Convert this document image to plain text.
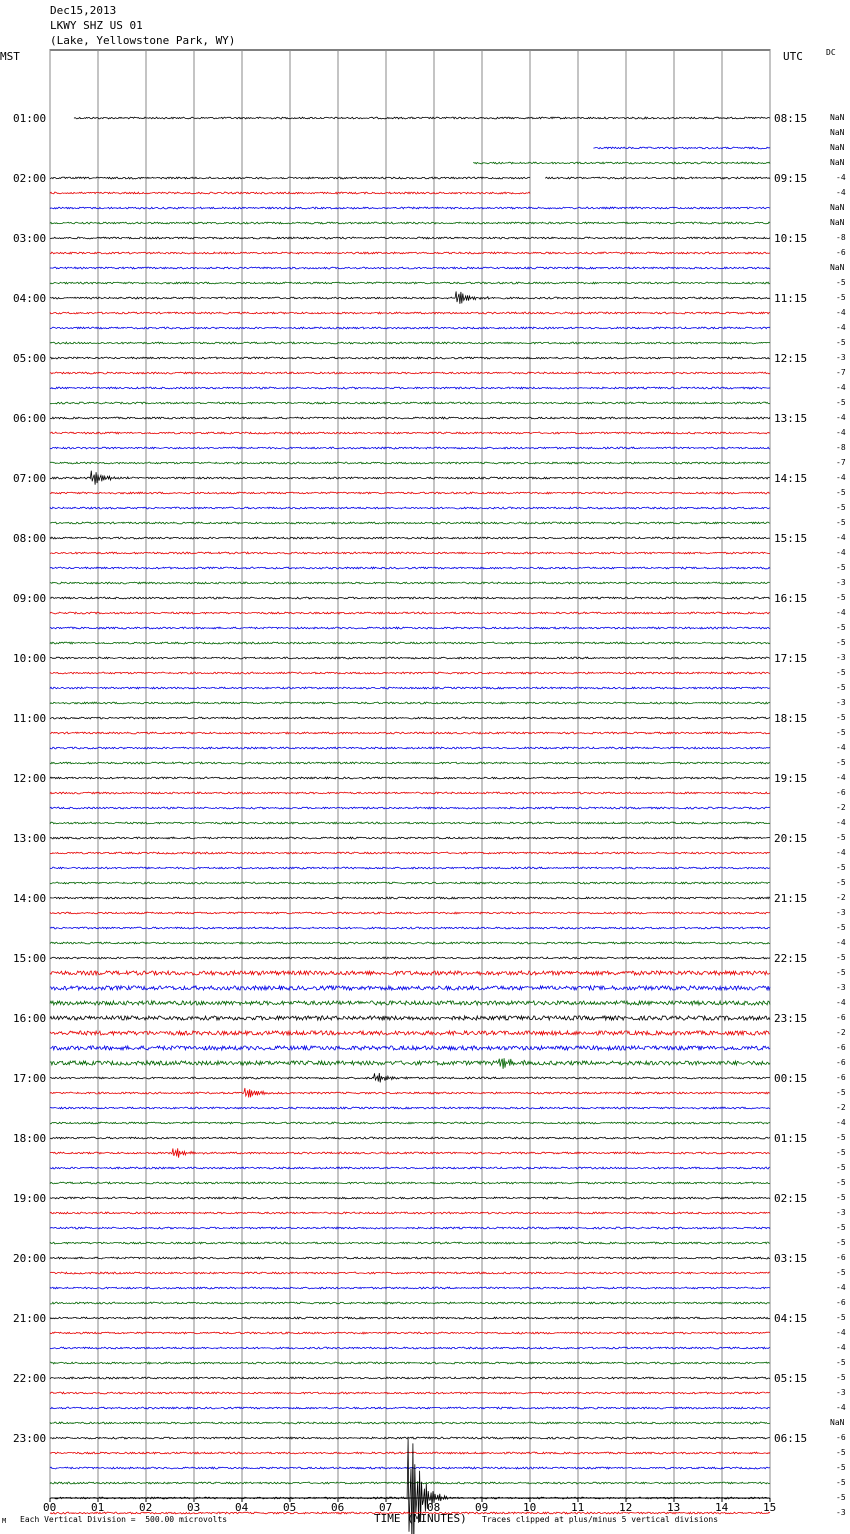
Dec15,2013
LKWY SHZ US 01
(Lake, Yellowstone Park, WY)
MST	UTC	DC
M Each Vertical Division =  500.00 microvolts	TIME (MINUTES) Traces clipped at plus/minus 5 vertical divisions
00	01	02	03	04	05	06	07	08	09	10	11	12	13	14	15
NaN
NaN
NaN
NaN
-4
-4
NaN
NaN
-8
-6
NaN
-5
-5
-4
-4
-5
-3
-7
-4
-5
-4
-4
-8
-7
-4
-5
-5
-5
-4
-4
-5
-3
-5
-4
-5
-5
-3
-5
-5
-3
-5
-5
-4
-5
-4
-6
-2
-4
-5
-4
-5
-5
-2
-3
-5
-4
-5
-5
-3
-4
-6
-2
-6
-6
-6
-5
-2
-4
-5
-5
-5
-5
-5
-3
-5
-5
-6
-5
-4
-6
-5
-4
-4
-5
-5
-3
-4
NaN
-6
-5
-5
-5
-5
-3
01:00	08:15
02:00	09:15
03:00	10:15
04:00	11:15
05:00	12:15
06:00	13:15
07:00	14:15
08:00	15:15
09:00	16:15
10:00	17:15
11:00	18:15
12:00	19:15
13:00	20:15
14:00	21:15
15:00	22:15
16:00	23:15
17:00	00:15
18:00	01:15
19:00	02:15
20:00	03:15
21:00	04:15
22:00	05:15
23:00	06:15
